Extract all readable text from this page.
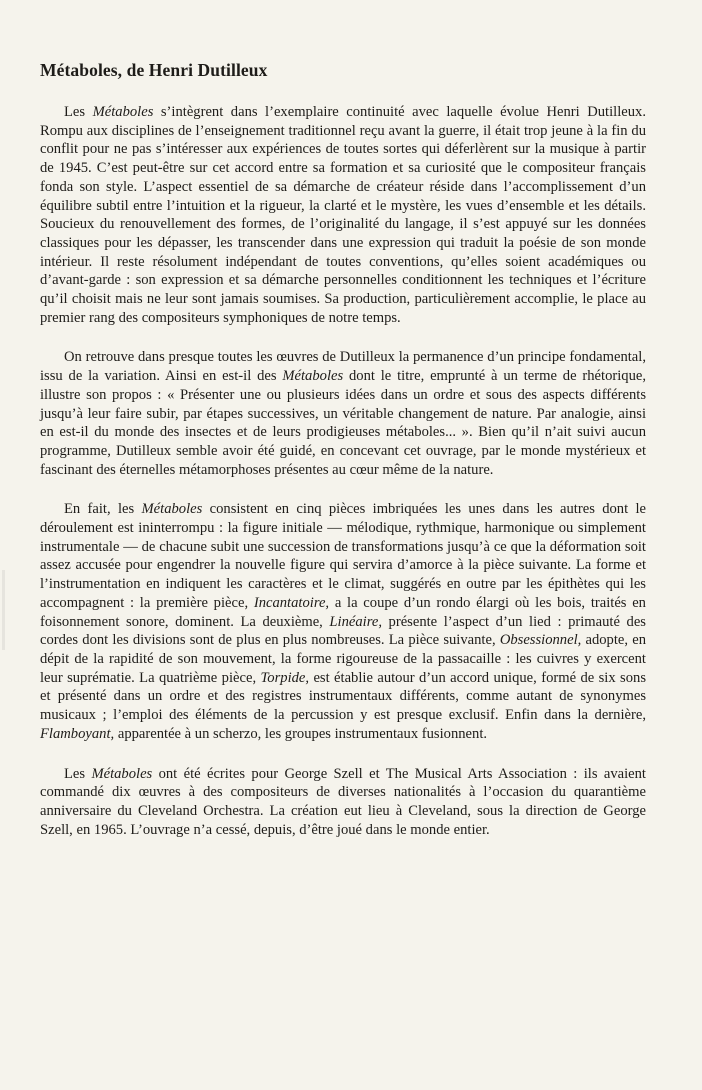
Métaboles, de Henri Dutilleux

Les Métaboles s’intègrent dans l’exemplaire continuité avec laquelle évolue Henri Dutilleux. Rompu aux disciplines de l’enseignement traditionnel reçu avant la guerre, il était trop jeune à la fin du conflit pour ne pas s’intéresser aux expériences de toutes sortes qui déferlèrent sur la musique à partir de 1945. C’est peut-être sur cet accord entre sa formation et sa curiosité que le compositeur français fonda son style. L’aspect essentiel de sa démarche de créateur réside dans l’accomplissement d’un équilibre subtil entre l’intuition et la rigueur, la clarté et le mystère, les vues d’ensemble et les détails. Soucieux du renouvellement des formes, de l’originalité du langage, il s’est appuyé sur les données classiques pour les dépasser, les transcender dans une expression qui traduit la poésie de son monde intérieur. Il reste résolument indépendant de toutes conventions, qu’elles soient académiques ou d’avant-garde : son expression et sa démarche personnelles conditionnent les techniques et l’écriture qu’il choisit mais ne leur sont jamais soumises. Sa production, particulièrement accomplie, le place au premier rang des compositeurs symphoniques de notre temps.

On retrouve dans presque toutes les œuvres de Dutilleux la permanence d’un principe fondamental, issu de la variation. Ainsi en est-il des Métaboles dont le titre, emprunté à un terme de rhétorique, illustre son propos : « Présenter une ou plusieurs idées dans un ordre et sous des aspects différents jusqu’à leur faire subir, par étapes successives, un véritable changement de nature. Par analogie, ainsi en est-il du monde des insectes et de leurs prodigieuses métaboles... ». Bien qu’il n’ait suivi aucun programme, Dutilleux semble avoir été guidé, en concevant cet ouvrage, par le monde mystérieux et fascinant des éternelles métamorphoses présentes au cœur même de la nature.

En fait, les Métaboles consistent en cinq pièces imbriquées les unes dans les autres dont le déroulement est ininterrompu : la figure initiale — mélodique, rythmique, harmonique ou simplement instrumentale — de chacune subit une succession de transformations jusqu’à ce que la déformation soit assez accusée pour engendrer la nouvelle figure qui servira d’amorce à la pièce suivante. La forme et l’instrumentation en indiquent les caractères et le climat, suggérés en outre par les épithètes qui les accompagnent : la première pièce, Incantatoire, a la coupe d’un rondo élargi où les bois, traités en foisonnement sonore, dominent. La deuxième, Linéaire, présente l’aspect d’un lied : primauté des cordes dont les divisions sont de plus en plus nombreuses. La pièce suivante, Obsessionnel, adopte, en dépit de la rapidité de son mouvement, la forme rigoureuse de la passacaille : les cuivres y exercent leur suprématie. La quatrième pièce, Torpide, est établie autour d’un accord unique, formé de six sons et présenté dans un ordre et des registres instrumentaux différents, comme autant de synonymes musicaux ; l’emploi des éléments de la percussion y est presque exclusif. Enfin dans la dernière, Flamboyant, apparentée à un scherzo, les groupes instrumentaux fusionnent.

Les Métaboles ont été écrites pour George Szell et The Musical Arts Association : ils avaient commandé dix œuvres à des compositeurs de diverses nationalités à l’occasion du quarantième anniversaire du Cleveland Orchestra. La création eut lieu à Cleveland, sous la direction de George Szell, en 1965. L’ouvrage n’a cessé, depuis, d’être joué dans le monde entier.
